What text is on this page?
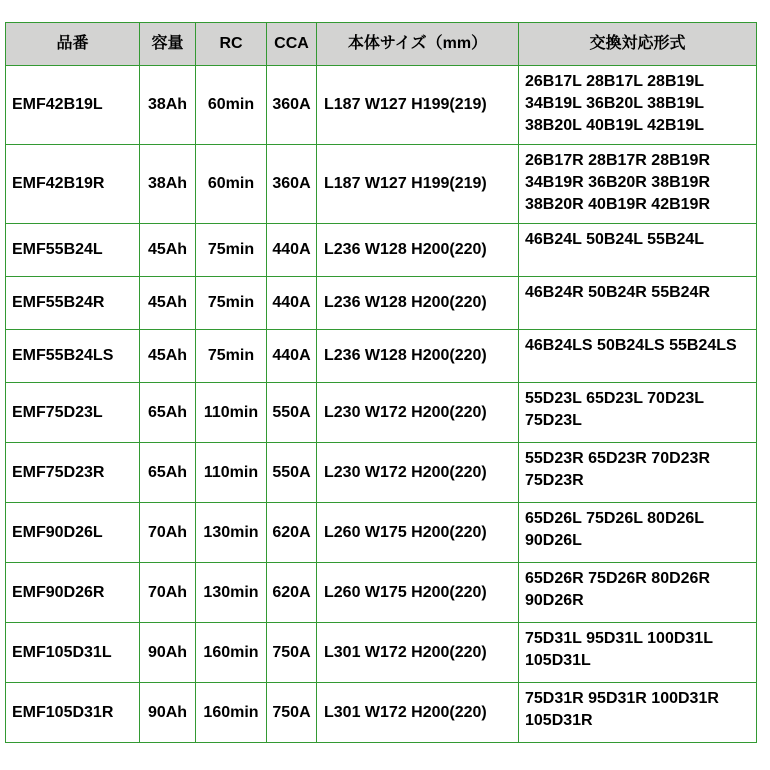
品番	容量	RC	CCA	本体サイズ（mm）	交換対応形式
EMF42B19L	38Ah	60min	360A	L187 W127 H199(219)	26B17L 28B17L 28B19L 34B19L 36B20L 38B19L 38B20L 40B19L 42B19L
EMF42B19R	38Ah	60min	360A	L187 W127 H199(219)	26B17R 28B17R 28B19R 34B19R 36B20R 38B19R 38B20R 40B19R 42B19R
EMF55B24L	45Ah	75min	440A	L236 W128 H200(220)	46B24L 50B24L 55B24L
EMF55B24R	45Ah	75min	440A	L236 W128 H200(220)	46B24R 50B24R 55B24R
EMF55B24LS	45Ah	75min	440A	L236 W128 H200(220)	46B24LS 50B24LS 55B24LS
EMF75D23L	65Ah	110min	550A	L230 W172 H200(220)	55D23L 65D23L 70D23L 75D23L
EMF75D23R	65Ah	110min	550A	L230 W172 H200(220)	55D23R 65D23R 70D23R 75D23R
EMF90D26L	70Ah	130min	620A	L260 W175 H200(220)	65D26L 75D26L 80D26L 90D26L
EMF90D26R	70Ah	130min	620A	L260 W175 H200(220)	65D26R 75D26R 80D26R 90D26R
EMF105D31L	90Ah	160min	750A	L301 W172 H200(220)	75D31L 95D31L 100D31L 105D31L
EMF105D31R	90Ah	160min	750A	L301 W172 H200(220)	75D31R 95D31R 100D31R 105D31R
